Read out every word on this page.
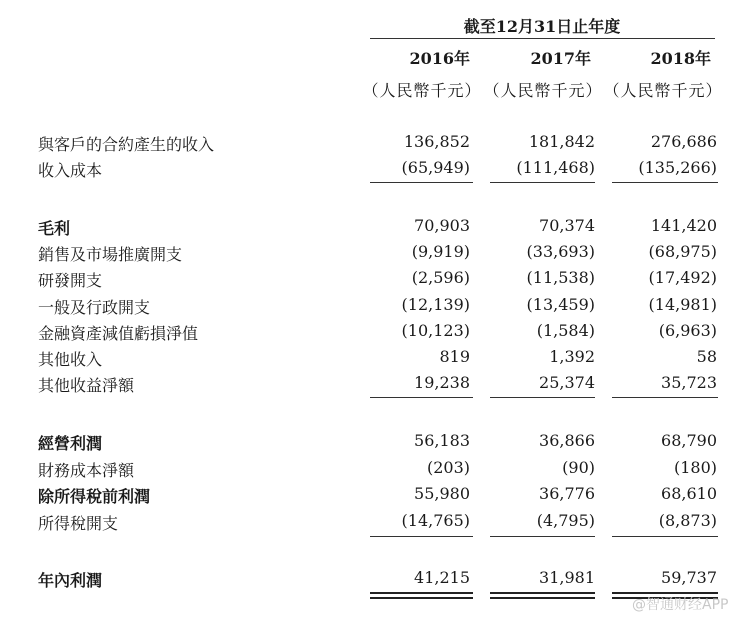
截至12月31日止年度
2016年	2017年	2018年
（人民幣千元） （人民幣千元） （人民幣千元）
與客戶的合約產生的收入	136,852	181,842	276,686
收入成本	(65,949)	(111,468)	(135,266)
毛利	70,903	70,374	141,420
銷售及市場推廣開支	(9,919)	(33,693)	(68,975)
研發開支	(2,596)	(11,538)	(17,492)
一般及行政開支	(12,139)	(13,459)	(14,981)
金融資產減值虧損淨值	(10,123)	(1,584)	(6,963)
其他收入	819	1,392	58
其他收益淨額	19,238	25,374	35,723
經營利潤	56,183	36,866	68,790
財務成本淨額	(203)	(90)	(180)
除所得稅前利潤	55,980	36,776	68,610
所得稅開支	(14,765)	(4,795)	(8,873)
年內利潤	41,215	31,981	59,737
@智通财经APP
